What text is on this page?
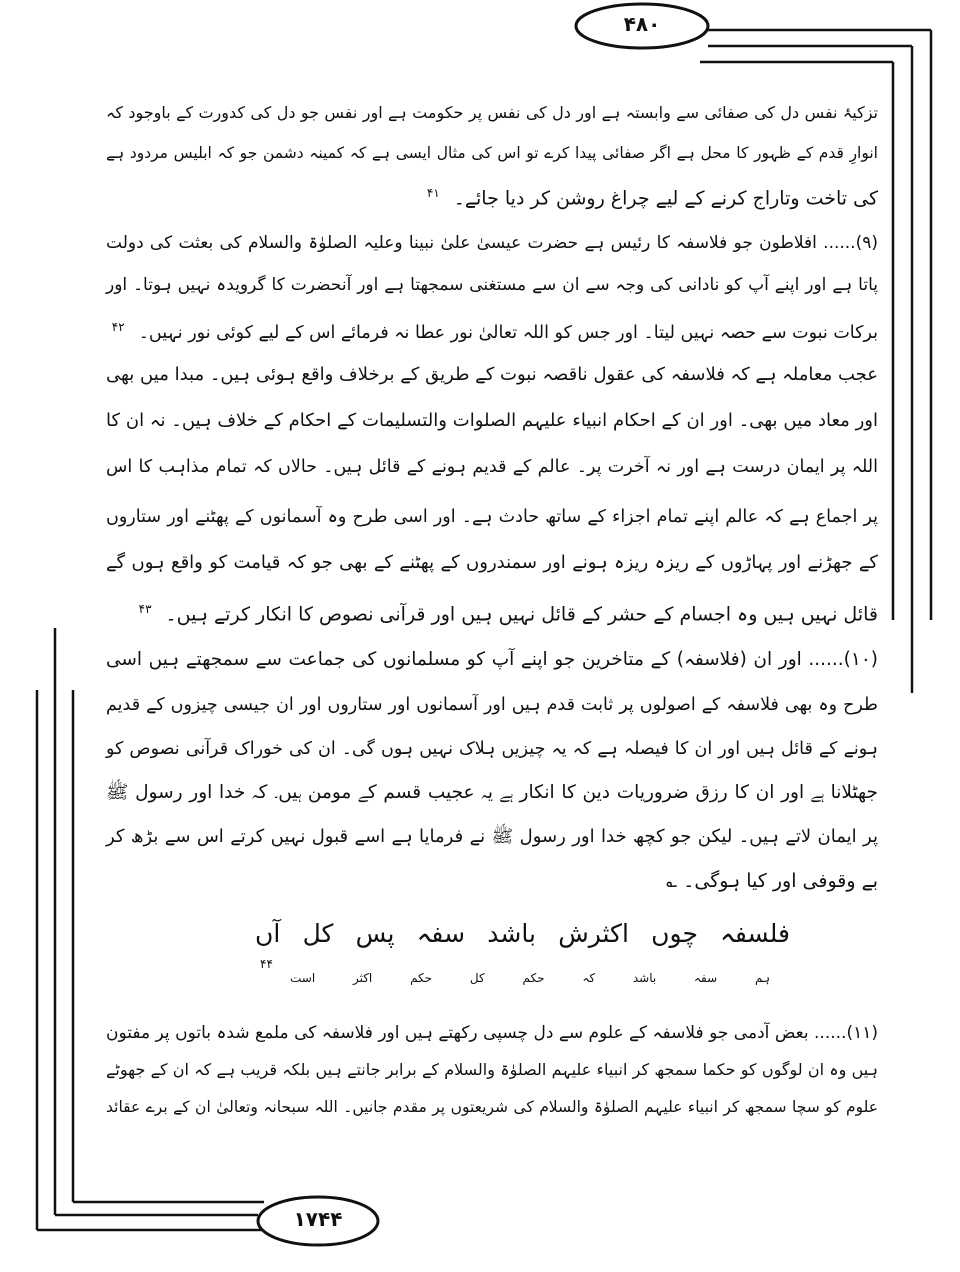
۴۸۰
۱۷۴۴
تزکیۂ نفس دل کی صفائی سے وابستہ ہے اور دل کی نفس پر حکومت ہے اور نفس جو دل کی کدورت کے باوجود کہ
انوارِ قدم کے ظہور کا محل ہے اگر صفائی پیدا کرے تو اس کی مثال ایسی ہے کہ کمینہ دشمن جو کہ ابلیس مردود ہے
کی تاخت وتاراج کرنے کے لیے چراغ روشن کر دیا جائے۔$^{۴۱}$
(۹)...... افلاطون جو فلاسفہ کا رئیس ہے حضرت عیسیٰ علیٰ نبینا وعلیہ الصلوٰۃ والسلام کی بعثت کی دولت
پاتا ہے اور اپنے آپ کو نادانی کی وجہ سے ان سے مستغنی سمجھتا ہے اور آنحضرت کا گرویدہ نہیں ہوتا۔ اور
برکات نبوت سے حصہ نہیں لیتا۔ اور جس کو اللہ تعالیٰ نور عطا نہ فرمائے اس کے لیے کوئی نور نہیں۔$^{۴۲}$
عجب معاملہ ہے کہ فلاسفہ کی عقول ناقصہ نبوت کے طریق کے برخلاف واقع ہوئی ہیں۔ مبدا میں بھی
اور معاد میں بھی۔ اور ان کے احکام انبیاء علیہم الصلوات والتسلیمات کے احکام کے خلاف ہیں۔ نہ ان کا
اللہ پر ایمان درست ہے اور نہ آخرت پر۔ عالم کے قدیم ہونے کے قائل ہیں۔ حالاں کہ تمام مذاہب کا اس
پر اجماع ہے کہ عالم اپنے تمام اجزاء کے ساتھ حادث ہے۔ اور اسی طرح وہ آسمانوں کے پھٹنے اور ستاروں
کے جھڑنے اور پہاڑوں کے ریزہ ریزہ ہونے اور سمندروں کے پھٹنے کے بھی جو کہ قیامت کو واقع ہوں گے
قائل نہیں ہیں وہ اجسام کے حشر کے قائل نہیں ہیں اور قرآنی نصوص کا انکار کرتے ہیں۔$^{۴۳}$
(۱۰)...... اور ان (فلاسفہ) کے متاخرین جو اپنے آپ کو مسلمانوں کی جماعت سے سمجھتے ہیں اسی
طرح وہ بھی فلاسفہ کے اصولوں پر ثابت قدم ہیں اور آسمانوں اور ستاروں اور ان جیسی چیزوں کے قدیم
ہونے کے قائل ہیں اور ان کا فیصلہ ہے کہ یہ چیزیں ہلاک نہیں ہوں گی۔ ان کی خوراک قرآنی نصوص کو
جھٹلانا ہے اور ان کا رزق ضروریات دین کا انکار ہے یہ عجیب قسم کے مومن ہیں۔ کہ خدا اور رسول ﷺ
پر ایمان لاتے ہیں۔ لیکن جو کچھ خدا اور رسول ﷺ نے فرمایا ہے اسے قبول نہیں کرتے اس سے بڑھ کر
بے وقوفی اور کیا ہوگی۔ ؎
فلسفہ چوں اکثرش باشد سفہ پس کل آں
ہم سفہ باشد کہ حکم کل حکم اکثر است
۴۴
(۱۱)...... بعض آدمی جو فلاسفہ کے علوم سے دل چسپی رکھتے ہیں اور فلاسفہ کی ملمع شدہ باتوں پر مفتون
ہیں وہ ان لوگوں کو حکما سمجھ کر انبیاء علیہم الصلوٰۃ والسلام کے برابر جانتے ہیں بلکہ قریب ہے کہ ان کے جھوٹے
علوم کو سچا سمجھ کر انبیاء علیہم الصلوٰۃ والسلام کی شریعتوں پر مقدم جانیں۔ اللہ سبحانہ وتعالیٰ ان کے برے عقائد
